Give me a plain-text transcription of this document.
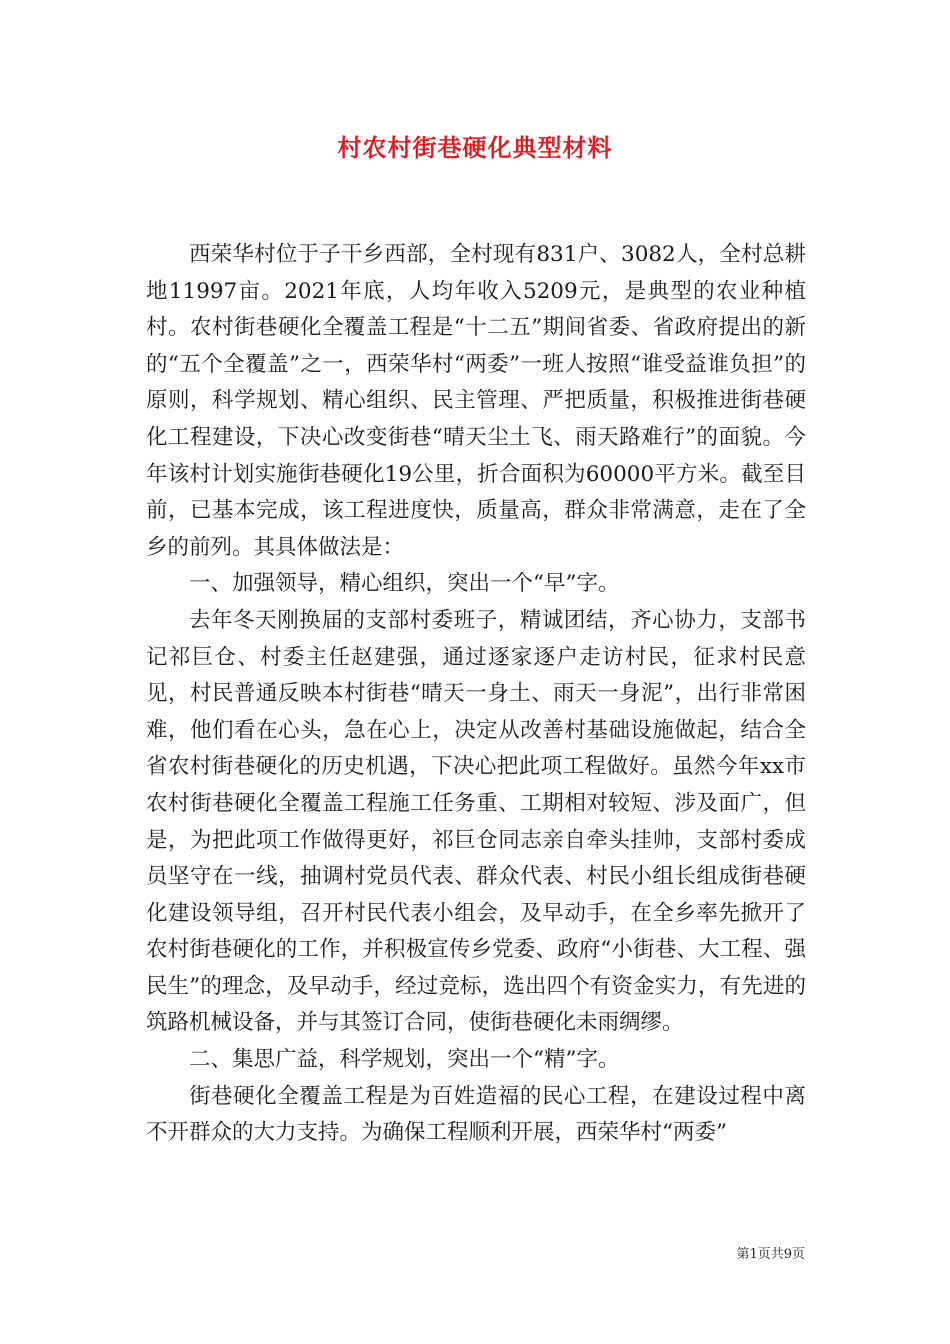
村农村街巷硬化典型材料

西荣华村位于子干乡西部，全村现有831户、3082人，全村总耕地11997亩。2021年底，人均年收入5209元，是典型的农业种植村。农村街巷硬化全覆盖工程是“十二五”期间省委、省政府提出的新的“五个全覆盖”之一，西荣华村“两委”一班人按照“谁受益谁负担”的原则，科学规划、精心组织、民主管理、严把质量，积极推进街巷硬化工程建设，下决心改变街巷“晴天尘土飞、雨天路难行”的面貌。今年该村计划实施街巷硬化19公里，折合面积为60000平方米。截至目前，已基本完成，该工程进度快，质量高，群众非常满意，走在了全乡的前列。其具体做法是：

一、加强领导，精心组织，突出一个“早”字。

去年冬天刚换届的支部村委班子，精诚团结，齐心协力，支部书记祁巨仓、村委主任赵建强，通过逐家逐户走访村民，征求村民意见，村民普通反映本村街巷“晴天一身土、雨天一身泥”，出行非常困难，他们看在心头，急在心上，决定从改善村基础设施做起，结合全省农村街巷硬化的历史机遇，下决心把此项工程做好。虽然今年xx市农村街巷硬化全覆盖工程施工任务重、工期相对较短、涉及面广，但是，为把此项工作做得更好，祁巨仓同志亲自牵头挂帅，支部村委成员坚守在一线，抽调村党员代表、群众代表、村民小组长组成街巷硬化建设领导组，召开村民代表小组会，及早动手，在全乡率先掀开了农村街巷硬化的工作，并积极宣传乡党委、政府“小街巷、大工程、强民生”的理念，及早动手，经过竞标，选出四个有资金实力，有先进的筑路机械设备，并与其签订合同，使街巷硬化未雨绸缪。

二、集思广益，科学规划，突出一个“精”字。

街巷硬化全覆盖工程是为百姓造福的民心工程，在建设过程中离不开群众的大力支持。为确保工程顺利开展，西荣华村“两委”

第1页共9页
